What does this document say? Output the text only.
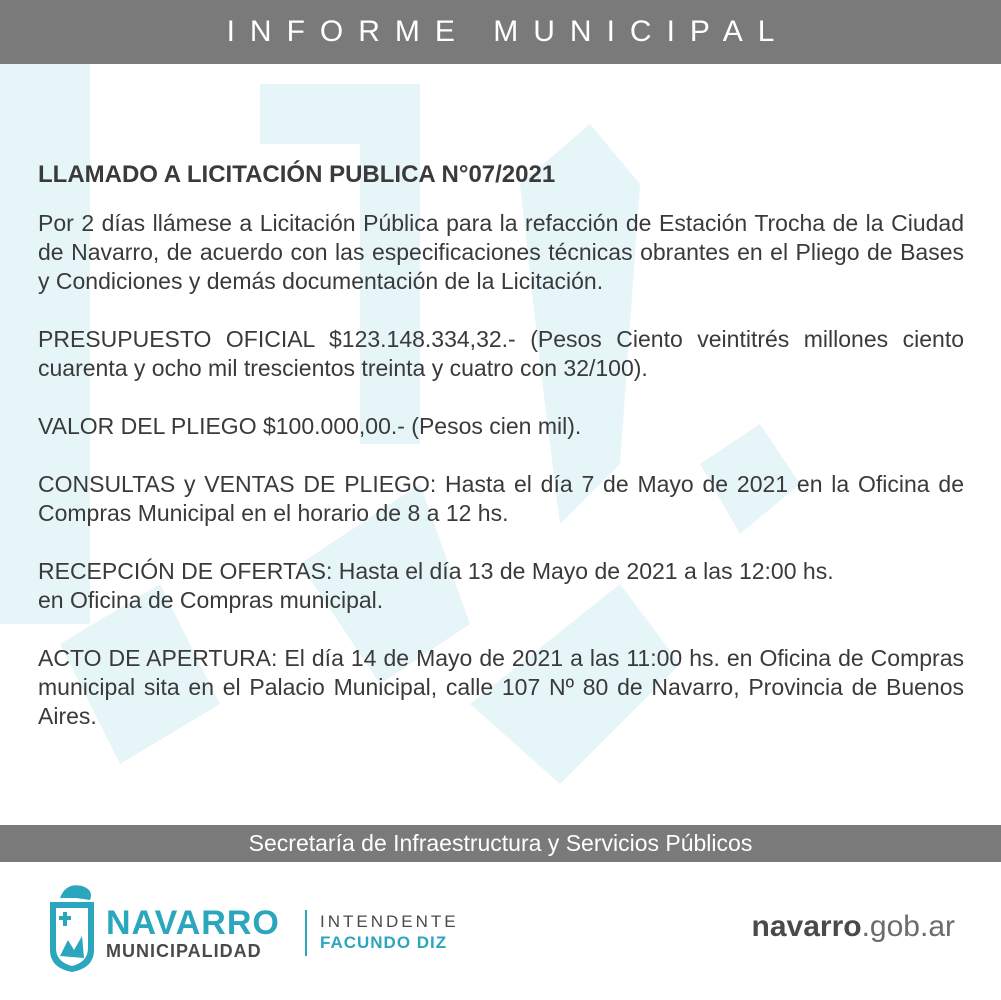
INFORME MUNICIPAL
LLAMADO A LICITACIÓN PUBLICA N°07/2021

Por 2 días llámese a Licitación Pública para la refacción de Estación Trocha de la Ciudad de Navarro, de acuerdo con las especificaciones técnicas obrantes en el Pliego de Bases y Condiciones y demás documentación de la Licitación.

PRESUPUESTO OFICIAL $123.148.334,32.- (Pesos Ciento veintitrés millones ciento cuarenta y ocho mil trescientos treinta y cuatro con 32/100).

VALOR DEL PLIEGO $100.000,00.- (Pesos cien mil).

CONSULTAS y VENTAS DE PLIEGO: Hasta el día 7 de Mayo de 2021 en la Oficina de Compras Municipal en el horario de 8 a 12 hs.

RECEPCIÓN DE OFERTAS: Hasta el día 13 de Mayo de 2021 a las 12:00 hs.
en Oficina de Compras municipal.

ACTO DE APERTURA: El día 14 de Mayo de 2021 a las 11:00 hs. en Oficina de Compras municipal sita en el Palacio Municipal, calle 107 Nº 80 de Navarro, Provincia de Buenos Aires.

Secretaría de Infraestructura y Servicios Públicos
NAVARRO
MUNICIPALIDAD
INTENDENTE
FACUNDO DIZ	navarro.gob.ar
